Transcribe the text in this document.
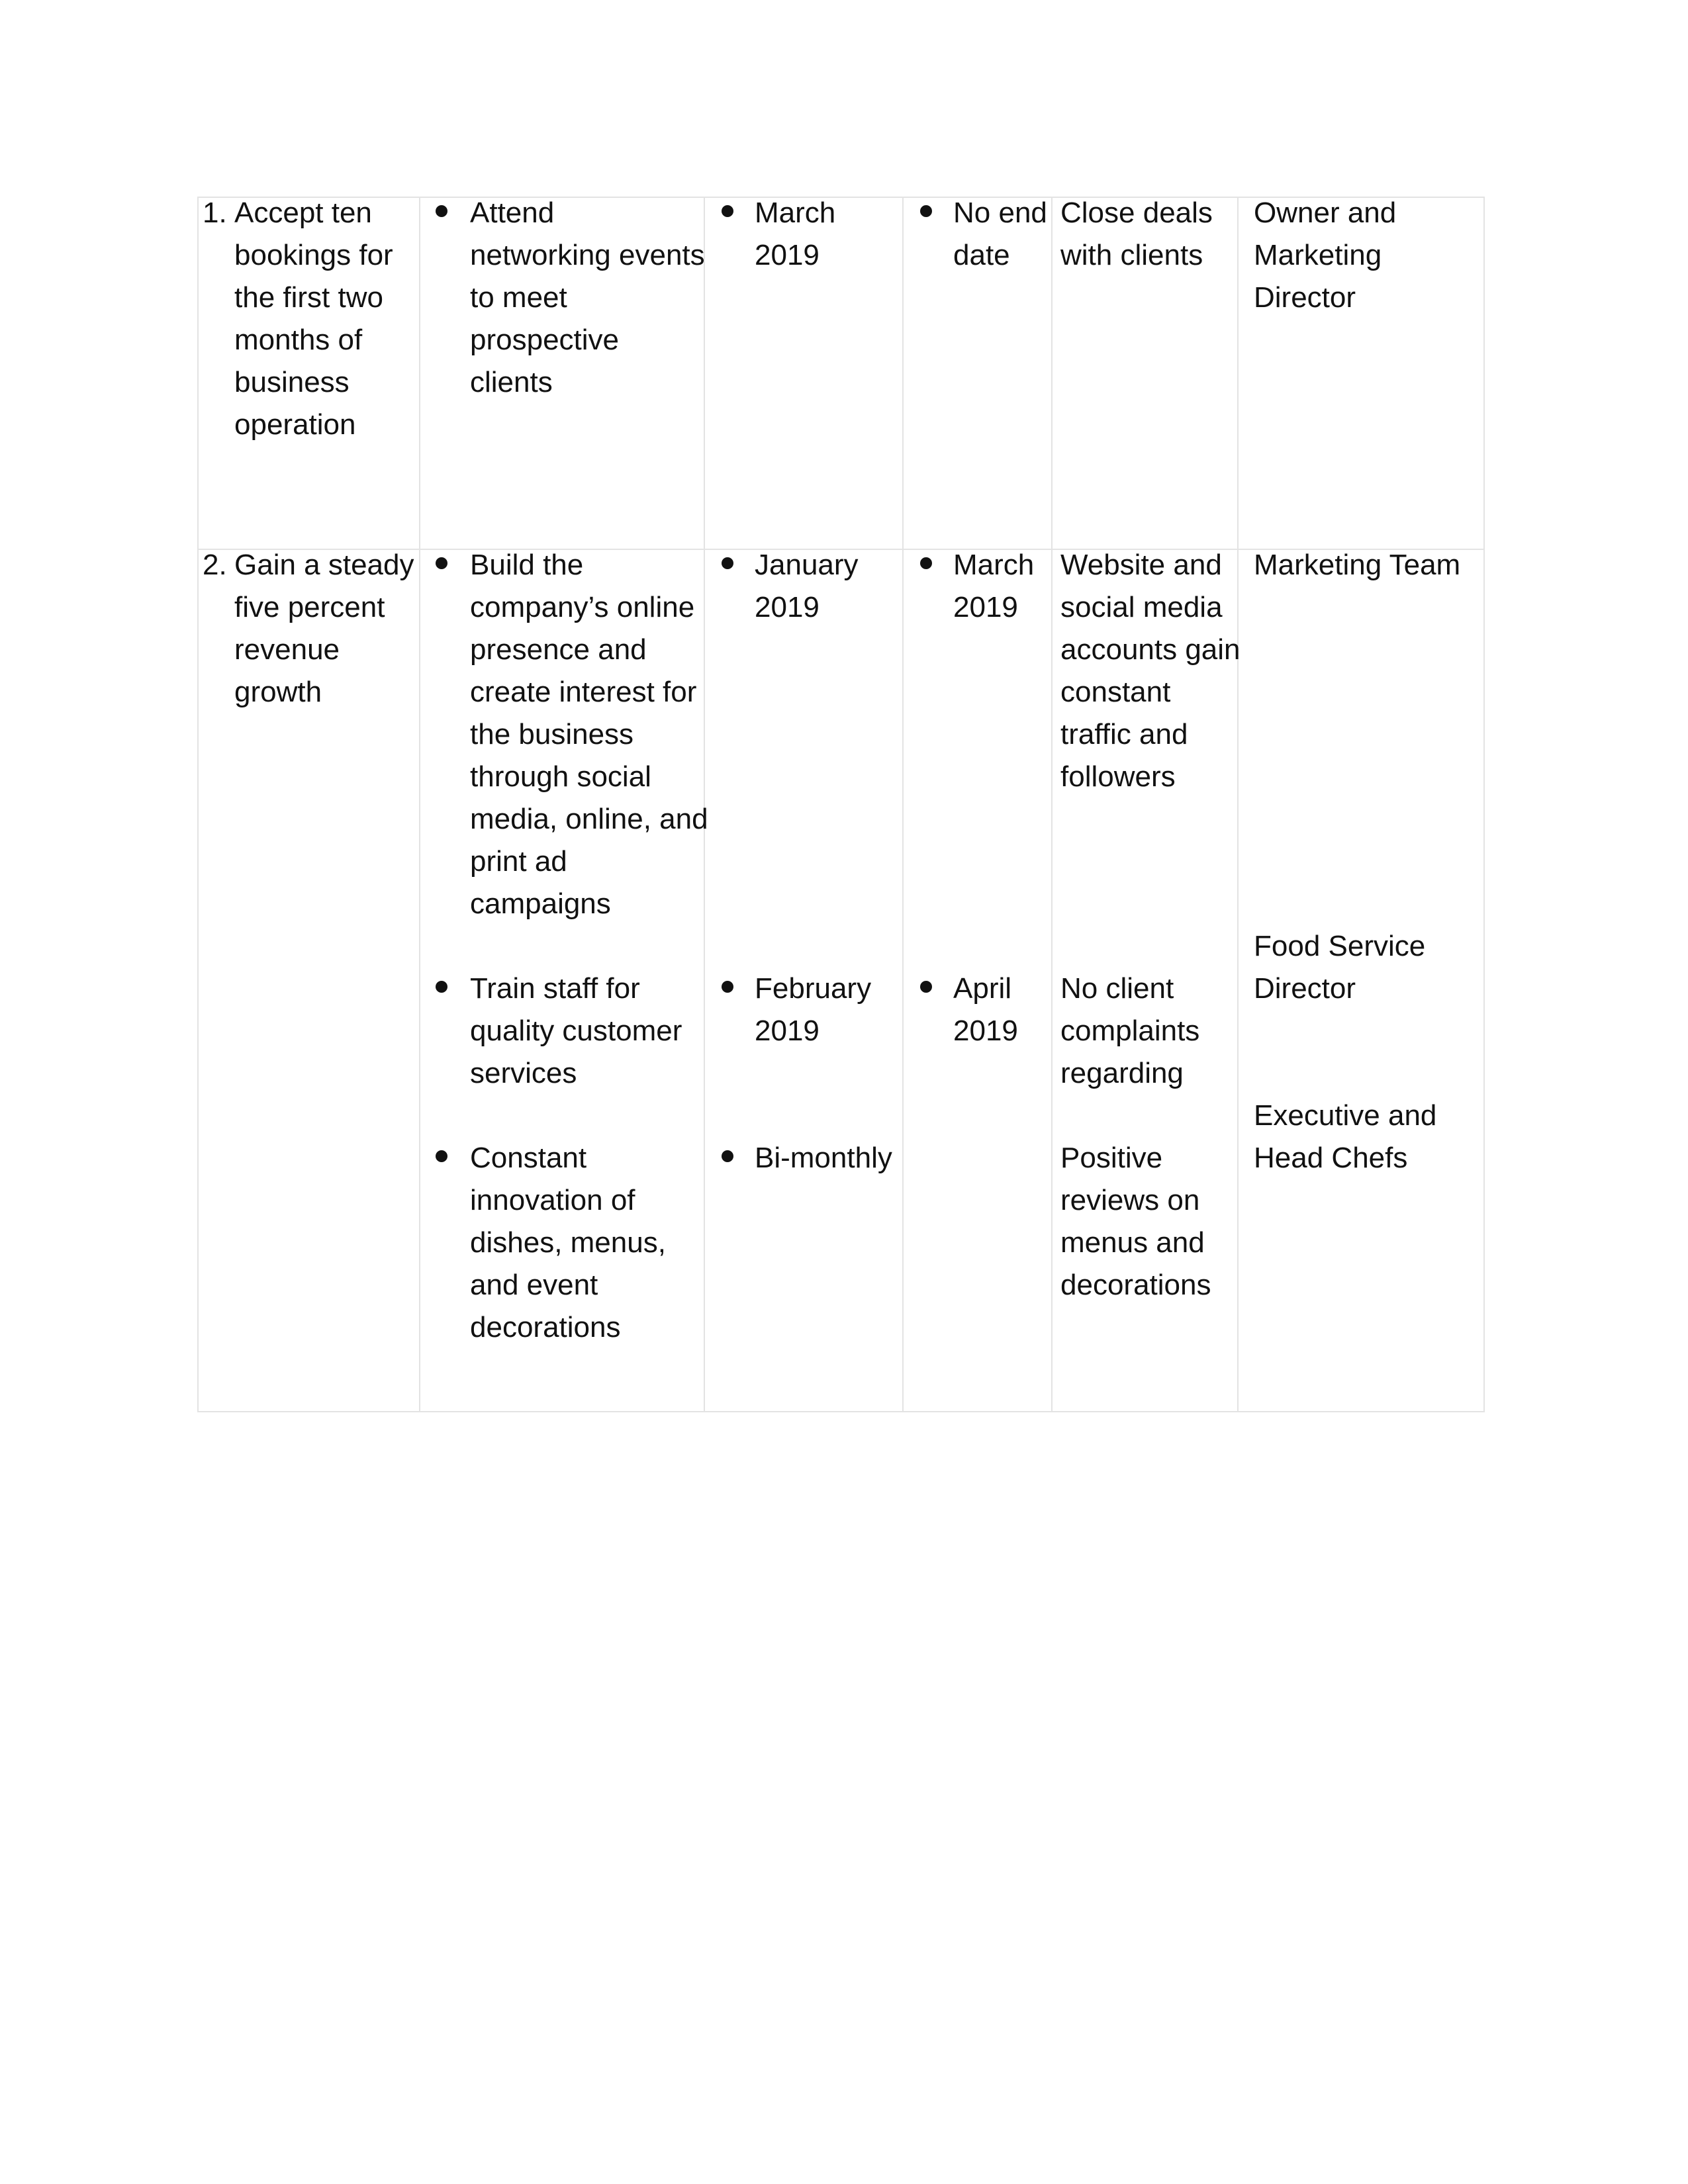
1. Accept ten
bookings for
the first two
months of
business
operation
Attend
networking events
to meet
prospective
clients
March
2019
No end
date
Close deals
with clients
Owner and
Marketing
Director
2. Gain a steady
five percent
revenue
growth
Build the
company’s online
presence and
create interest for
the business
through social
media, online, and
print ad
campaigns
January
2019
March
2019
Website and
social media
accounts gain
constant
traffic and
followers
Marketing Team
Train staff for
quality customer
services
February
2019
April
2019
No client
complaints
regarding
Food Service
Director
Constant
innovation of
dishes, menus,
and event
decorations
Bi-monthly	Positive
reviews on
menus and
decorations
Executive and
Head Chefs
